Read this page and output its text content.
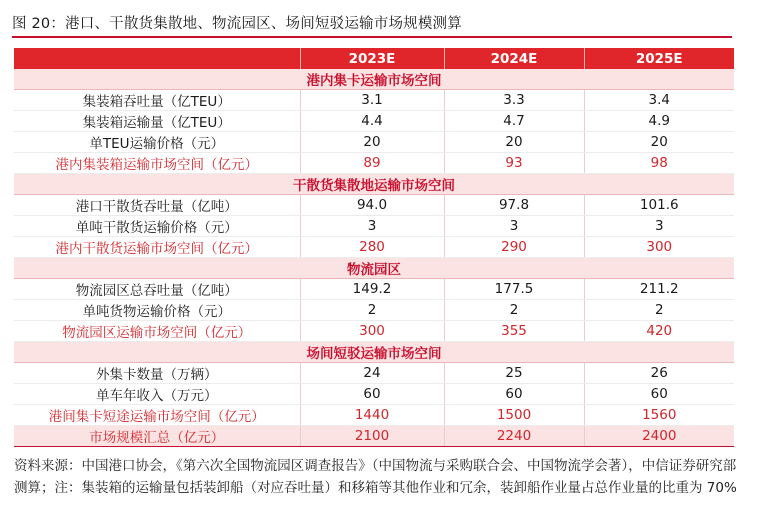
图 20：港口、干散货集散地、物流园区、场间短驳运输市场规模测算
	2023E	2024E	2025E
港内集卡运输市场空间			
集装箱吞吐量（亿TEU）	3.1	3.3	3.4
集装箱运输量（亿TEU）	4.4	4.7	4.9
单TEU运输价格（元）	20	20	20
港内集装箱运输市场空间（亿元）	89	93	98
干散货集散地运输市场空间			
港口干散货吞吐量（亿吨）	94.0	97.8	101.6
单吨干散货运输价格（元）	3	3	3
港内干散货运输市场空间（亿元）	280	290	300
物流园区			
物流园区总吞吐量（亿吨）	149.2	177.5	211.2
单吨货物运输价格（元）	2	2	2
物流园区运输市场空间（亿元）	300	355	420
场间短驳运输市场空间			
外集卡数量（万辆）	24	25	26
单车年收入（万元）	60	60	60
港间集卡短途运输市场空间（亿元）	1440	1500	1560
市场规模汇总（亿元）	2100	2240	2400
资料来源：中国港口协会，《第六次全国物流园区调查报告》（中国物流与采购联合会、中国物流学会著），中信证券研究部测算；注：集装箱的运输量包括装卸船（对应吞吐量）和移箱等其他作业和冗余，装卸船作业量占总作业量的比重为 70%
